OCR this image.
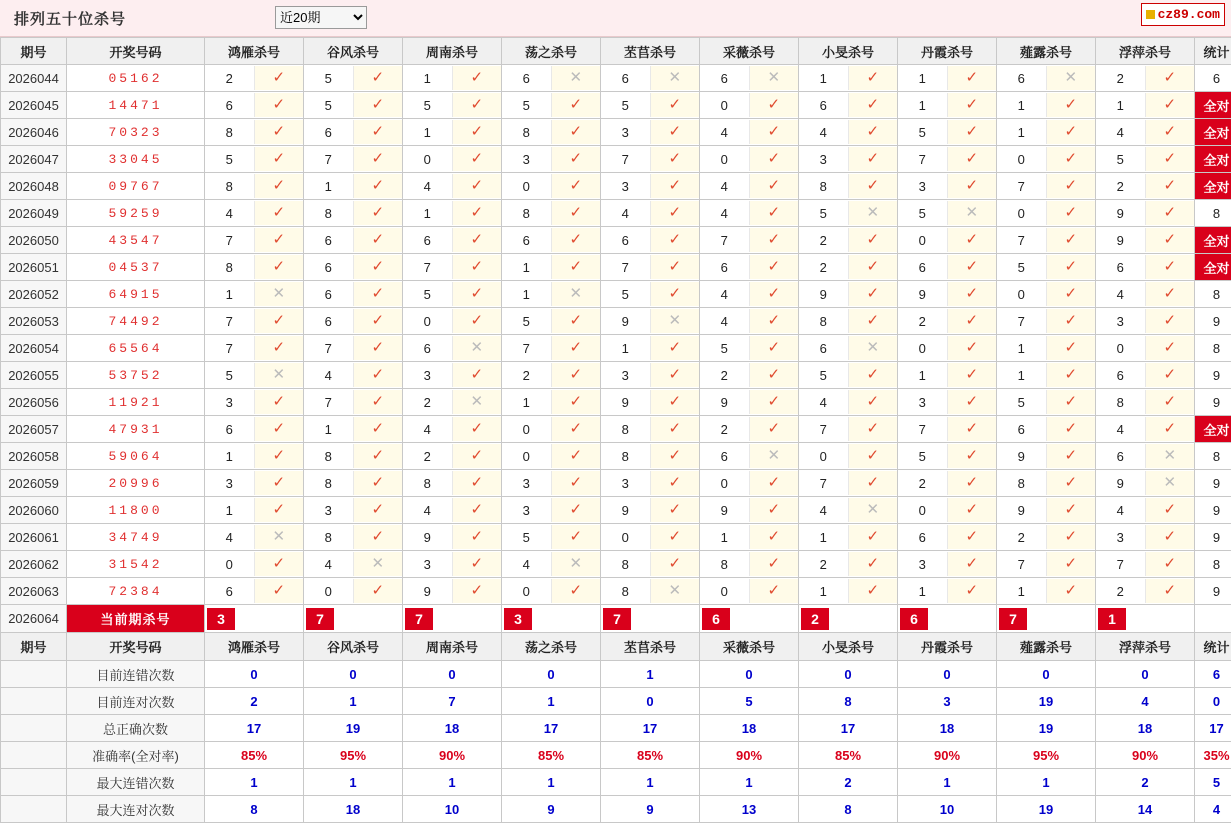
排列五十位杀号
近20期	cz89.com
期号	开奖号码	鸿雁杀号	谷风杀号	周南杀号	荡之杀号	苤苢杀号	采薇杀号	小旻杀号	丹霞杀号	薤露杀号	浮萍杀号	统计
2026044	05162	2 ✓	5 ✓	1 ✓	6 ✕	6 ✕	6 ✕	1 ✓	1 ✓	6 ✕	2 ✓	6
2026045	14471	6 ✓	5 ✓	5 ✓	5 ✓	5 ✓	0 ✓	6 ✓	1 ✓	1 ✓	1 ✓	全对
2026046	70323	8 ✓	6 ✓	1 ✓	8 ✓	3 ✓	4 ✓	4 ✓	5 ✓	1 ✓	4 ✓	全对
2026047	33045	5 ✓	7 ✓	0 ✓	3 ✓	7 ✓	0 ✓	3 ✓	7 ✓	0 ✓	5 ✓	全对
2026048	09767	8 ✓	1 ✓	4 ✓	0 ✓	3 ✓	4 ✓	8 ✓	3 ✓	7 ✓	2 ✓	全对
2026049	59259	4 ✓	8 ✓	1 ✓	8 ✓	4 ✓	4 ✓	5 ✕	5 ✕	0 ✓	9 ✓	8
2026050	43547	7 ✓	6 ✓	6 ✓	6 ✓	6 ✓	7 ✓	2 ✓	0 ✓	7 ✓	9 ✓	全对
2026051	04537	8 ✓	6 ✓	7 ✓	1 ✓	7 ✓	6 ✓	2 ✓	6 ✓	5 ✓	6 ✓	全对
2026052	64915	1 ✕	6 ✓	5 ✓	1 ✕	5 ✓	4 ✓	9 ✓	9 ✓	0 ✓	4 ✓	8
2026053	74492	7 ✓	6 ✓	0 ✓	5 ✓	9 ✕	4 ✓	8 ✓	2 ✓	7 ✓	3 ✓	9
2026054	65564	7 ✓	7 ✓	6 ✕	7 ✓	1 ✓	5 ✓	6 ✕	0 ✓	1 ✓	0 ✓	8
2026055	53752	5 ✕	4 ✓	3 ✓	2 ✓	3 ✓	2 ✓	5 ✓	1 ✓	1 ✓	6 ✓	9
2026056	11921	3 ✓	7 ✓	2 ✕	1 ✓	9 ✓	9 ✓	4 ✓	3 ✓	5 ✓	8 ✓	9
2026057	47931	6 ✓	1 ✓	4 ✓	0 ✓	8 ✓	2 ✓	7 ✓	7 ✓	6 ✓	4 ✓	全对
2026058	59064	1 ✓	8 ✓	2 ✓	0 ✓	8 ✓	6 ✕	0 ✓	5 ✓	9 ✓	6 ✕	8
2026059	20996	3 ✓	8 ✓	8 ✓	3 ✓	3 ✓	0 ✓	7 ✓	2 ✓	8 ✓	9 ✕	9
2026060	11800	1 ✓	3 ✓	4 ✓	3 ✓	9 ✓	9 ✓	4 ✕	0 ✓	9 ✓	4 ✓	9
2026061	34749	4 ✕	8 ✓	9 ✓	5 ✓	0 ✓	1 ✓	1 ✓	6 ✓	2 ✓	3 ✓	9
2026062	31542	0 ✓	4 ✕	3 ✓	4 ✕	8 ✓	8 ✓	2 ✓	3 ✓	7 ✓	7 ✓	8
2026063	72384	6 ✓	0 ✓	9 ✓	0 ✓	8 ✕	0 ✓	1 ✓	1 ✓	1 ✓	2 ✓	9
2026064	当前期杀号	3	7	7	3	7	6	2	6	7	1	

期号	开奖号码	鸿雁杀号	谷风杀号	周南杀号	荡之杀号	苤苢杀号	采薇杀号	小旻杀号	丹霞杀号	薤露杀号	浮萍杀号	统计
	目前连错次数	0	0	0	0	1	0	0	0	0	0	6
	目前连对次数	2	1	7	1	0	5	8	3	19	4	0
	总正确次数	17	19	18	17	17	18	17	18	19	18	17
	准确率(全对率)	85%	95%	90%	85%	85%	90%	85%	90%	95%	90%	35%
	最大连错次数	1	1	1	1	1	1	2	1	1	2	5
	最大连对次数	8	18	10	9	9	13	8	10	19	14	4
